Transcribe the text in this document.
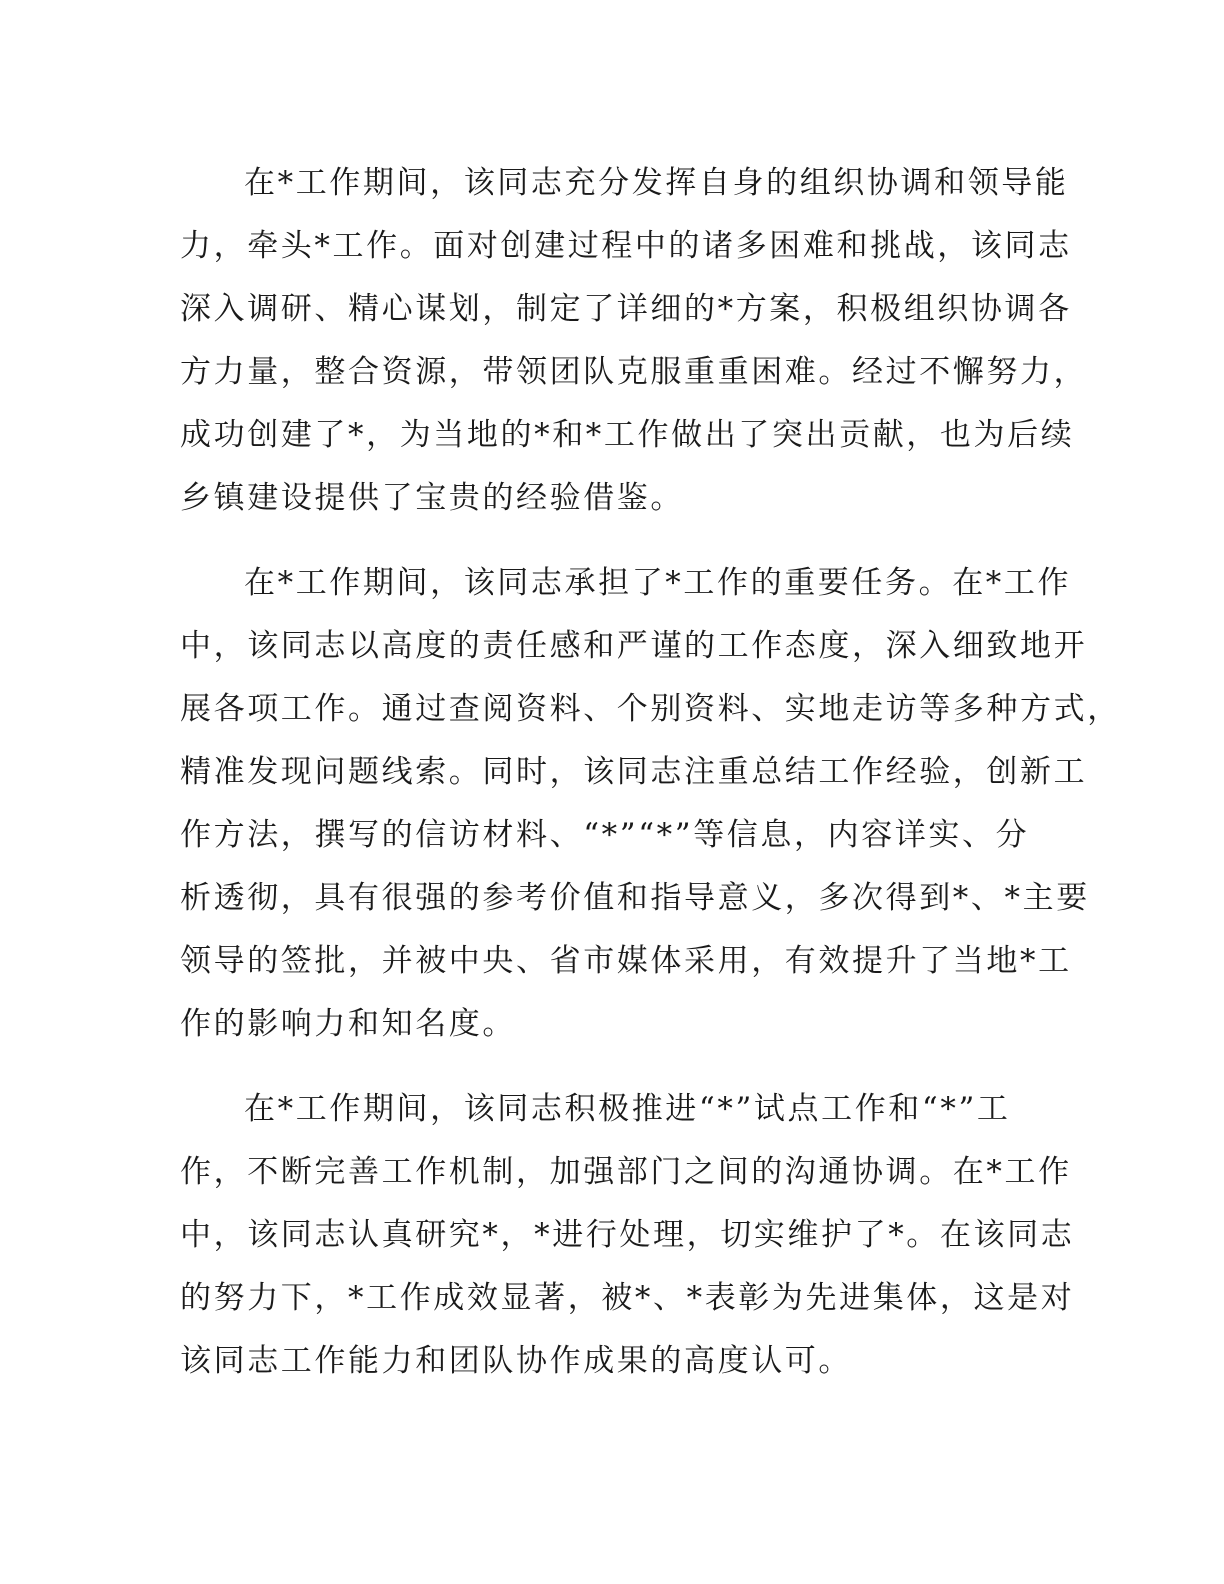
在*工作期间，该同志充分发挥自身的组织协调和领导能
力，牵头*工作。面对创建过程中的诸多困难和挑战，该同志
深入调研、精心谋划，制定了详细的*方案，积极组织协调各
方力量，整合资源，带领团队克服重重困难。经过不懈努力，
成功创建了*，为当地的*和*工作做出了突出贡献，也为后续
乡镇建设提供了宝贵的经验借鉴。
在*工作期间，该同志承担了*工作的重要任务。在*工作
中，该同志以高度的责任感和严谨的工作态度，深入细致地开
展各项工作。通过查阅资料、个别资料、实地走访等多种方式，
精准发现问题线索。同时，该同志注重总结工作经验，创新工
作方法，撰写的信访材料、“*”“*”等信息，内容详实、分
析透彻，具有很强的参考价值和指导意义，多次得到*、*主要
领导的签批，并被中央、省市媒体采用，有效提升了当地*工
作的影响力和知名度。
在*工作期间，该同志积极推进“*”试点工作和“*”工
作，不断完善工作机制，加强部门之间的沟通协调。在*工作
中，该同志认真研究*，*进行处理，切实维护了*。在该同志
的努力下，*工作成效显著，被*、*表彰为先进集体，这是对
该同志工作能力和团队协作成果的高度认可。
